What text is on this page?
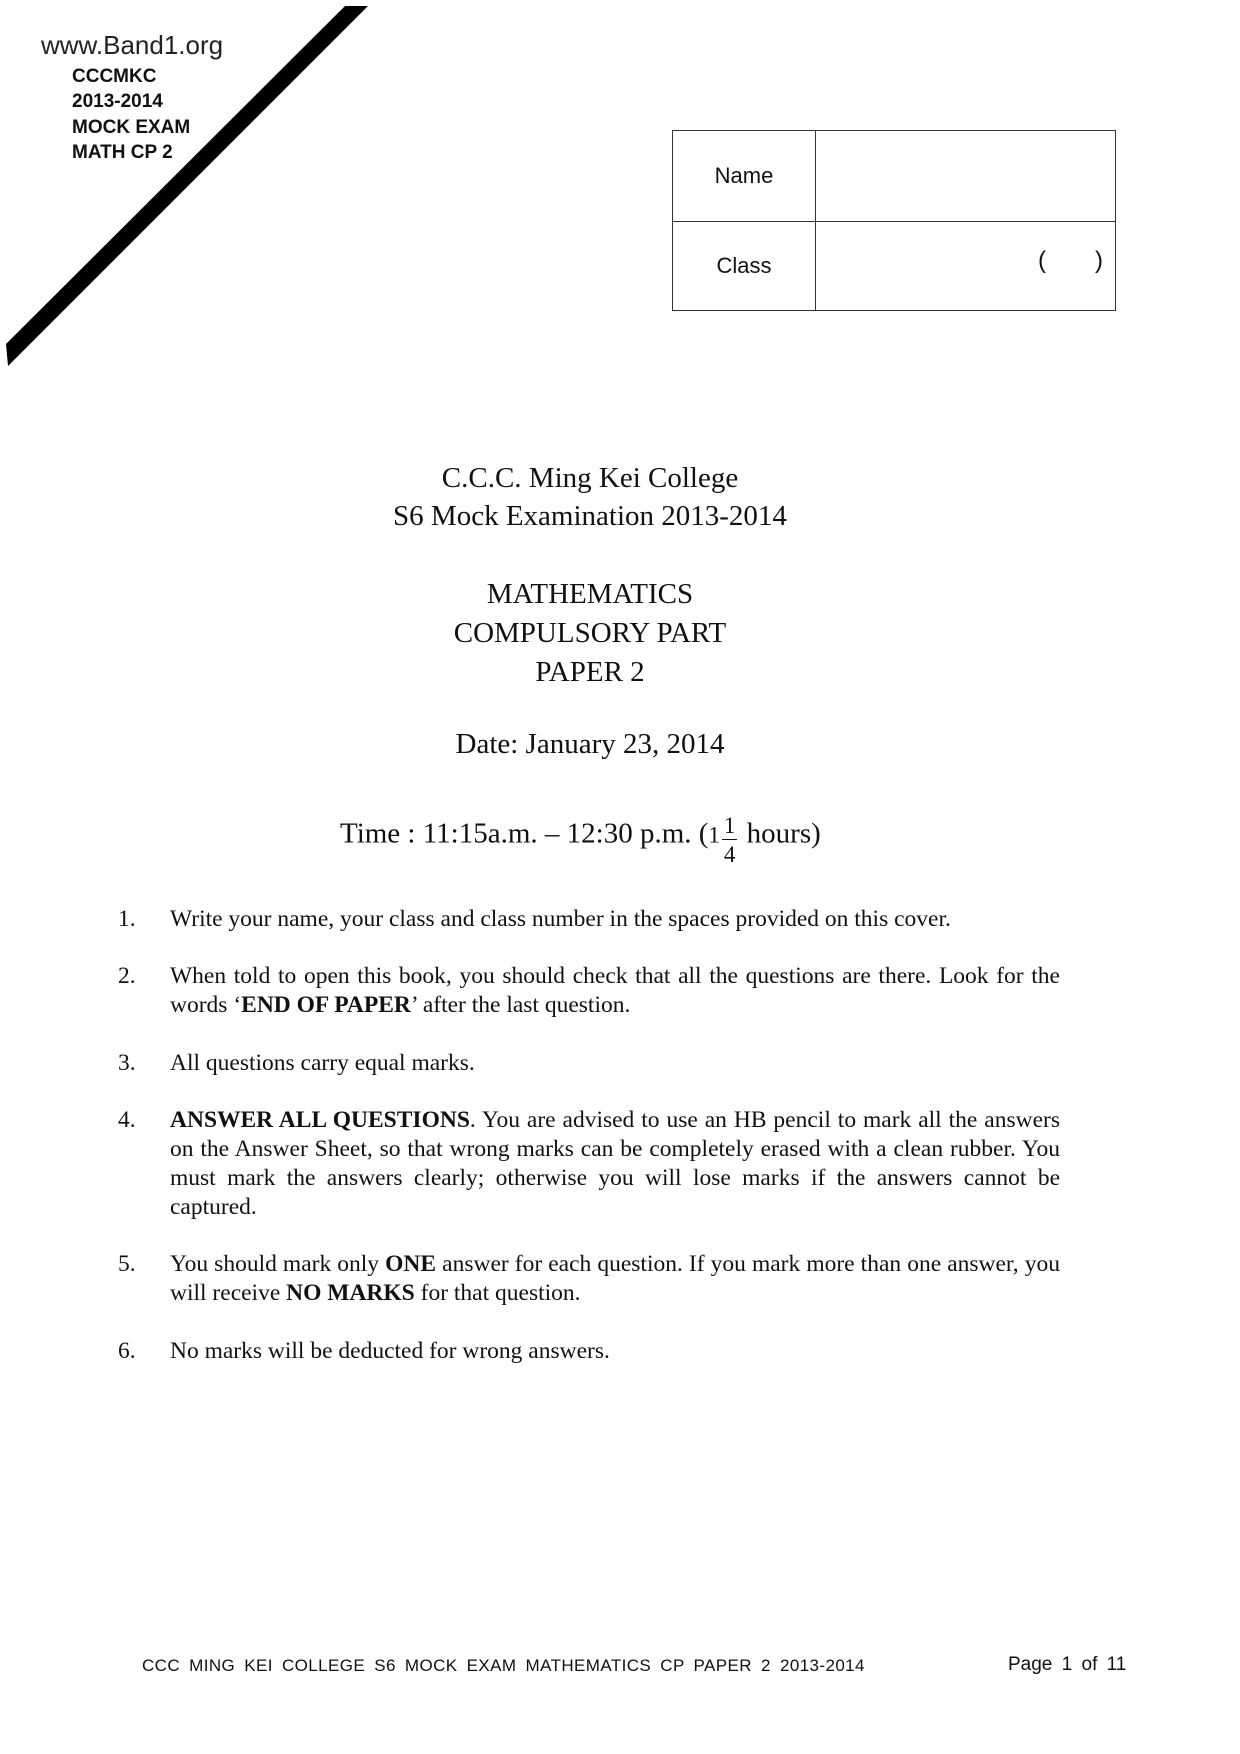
www.Band1.org
CCCMKC
2013-2014
MOCK EXAM
MATH CP 2
Name
Class	( )
C.C.C. Ming Kei College
S6 Mock Examination 2013-2014
MATHEMATICS
COMPULSORY PART
PAPER 2
Date: January 23, 2014
Time : 11:15a.m. – 12:30 p.m. ($1 \frac{1}{4}$ hours)
1. Write your name, your class and class number in the spaces provided on this cover.
2. When told to open this book, you should check that all the questions are there. Look for the words ‘END OF PAPER’ after the last question.
3. All questions carry equal marks.
4. ANSWER ALL QUESTIONS. You are advised to use an HB pencil to mark all the answers on the Answer Sheet, so that wrong marks can be completely erased with a clean rubber. You must mark the answers clearly; otherwise you will lose marks if the answers cannot be captured.
5. You should mark only ONE answer for each question. If you mark more than one answer, you will receive NO MARKS for that question.
6. No marks will be deducted for wrong answers.
CCC MING KEI COLLEGE S6 MOCK EXAM MATHEMATICS CP PAPER 2 2013-2014	Page 1 of 11
